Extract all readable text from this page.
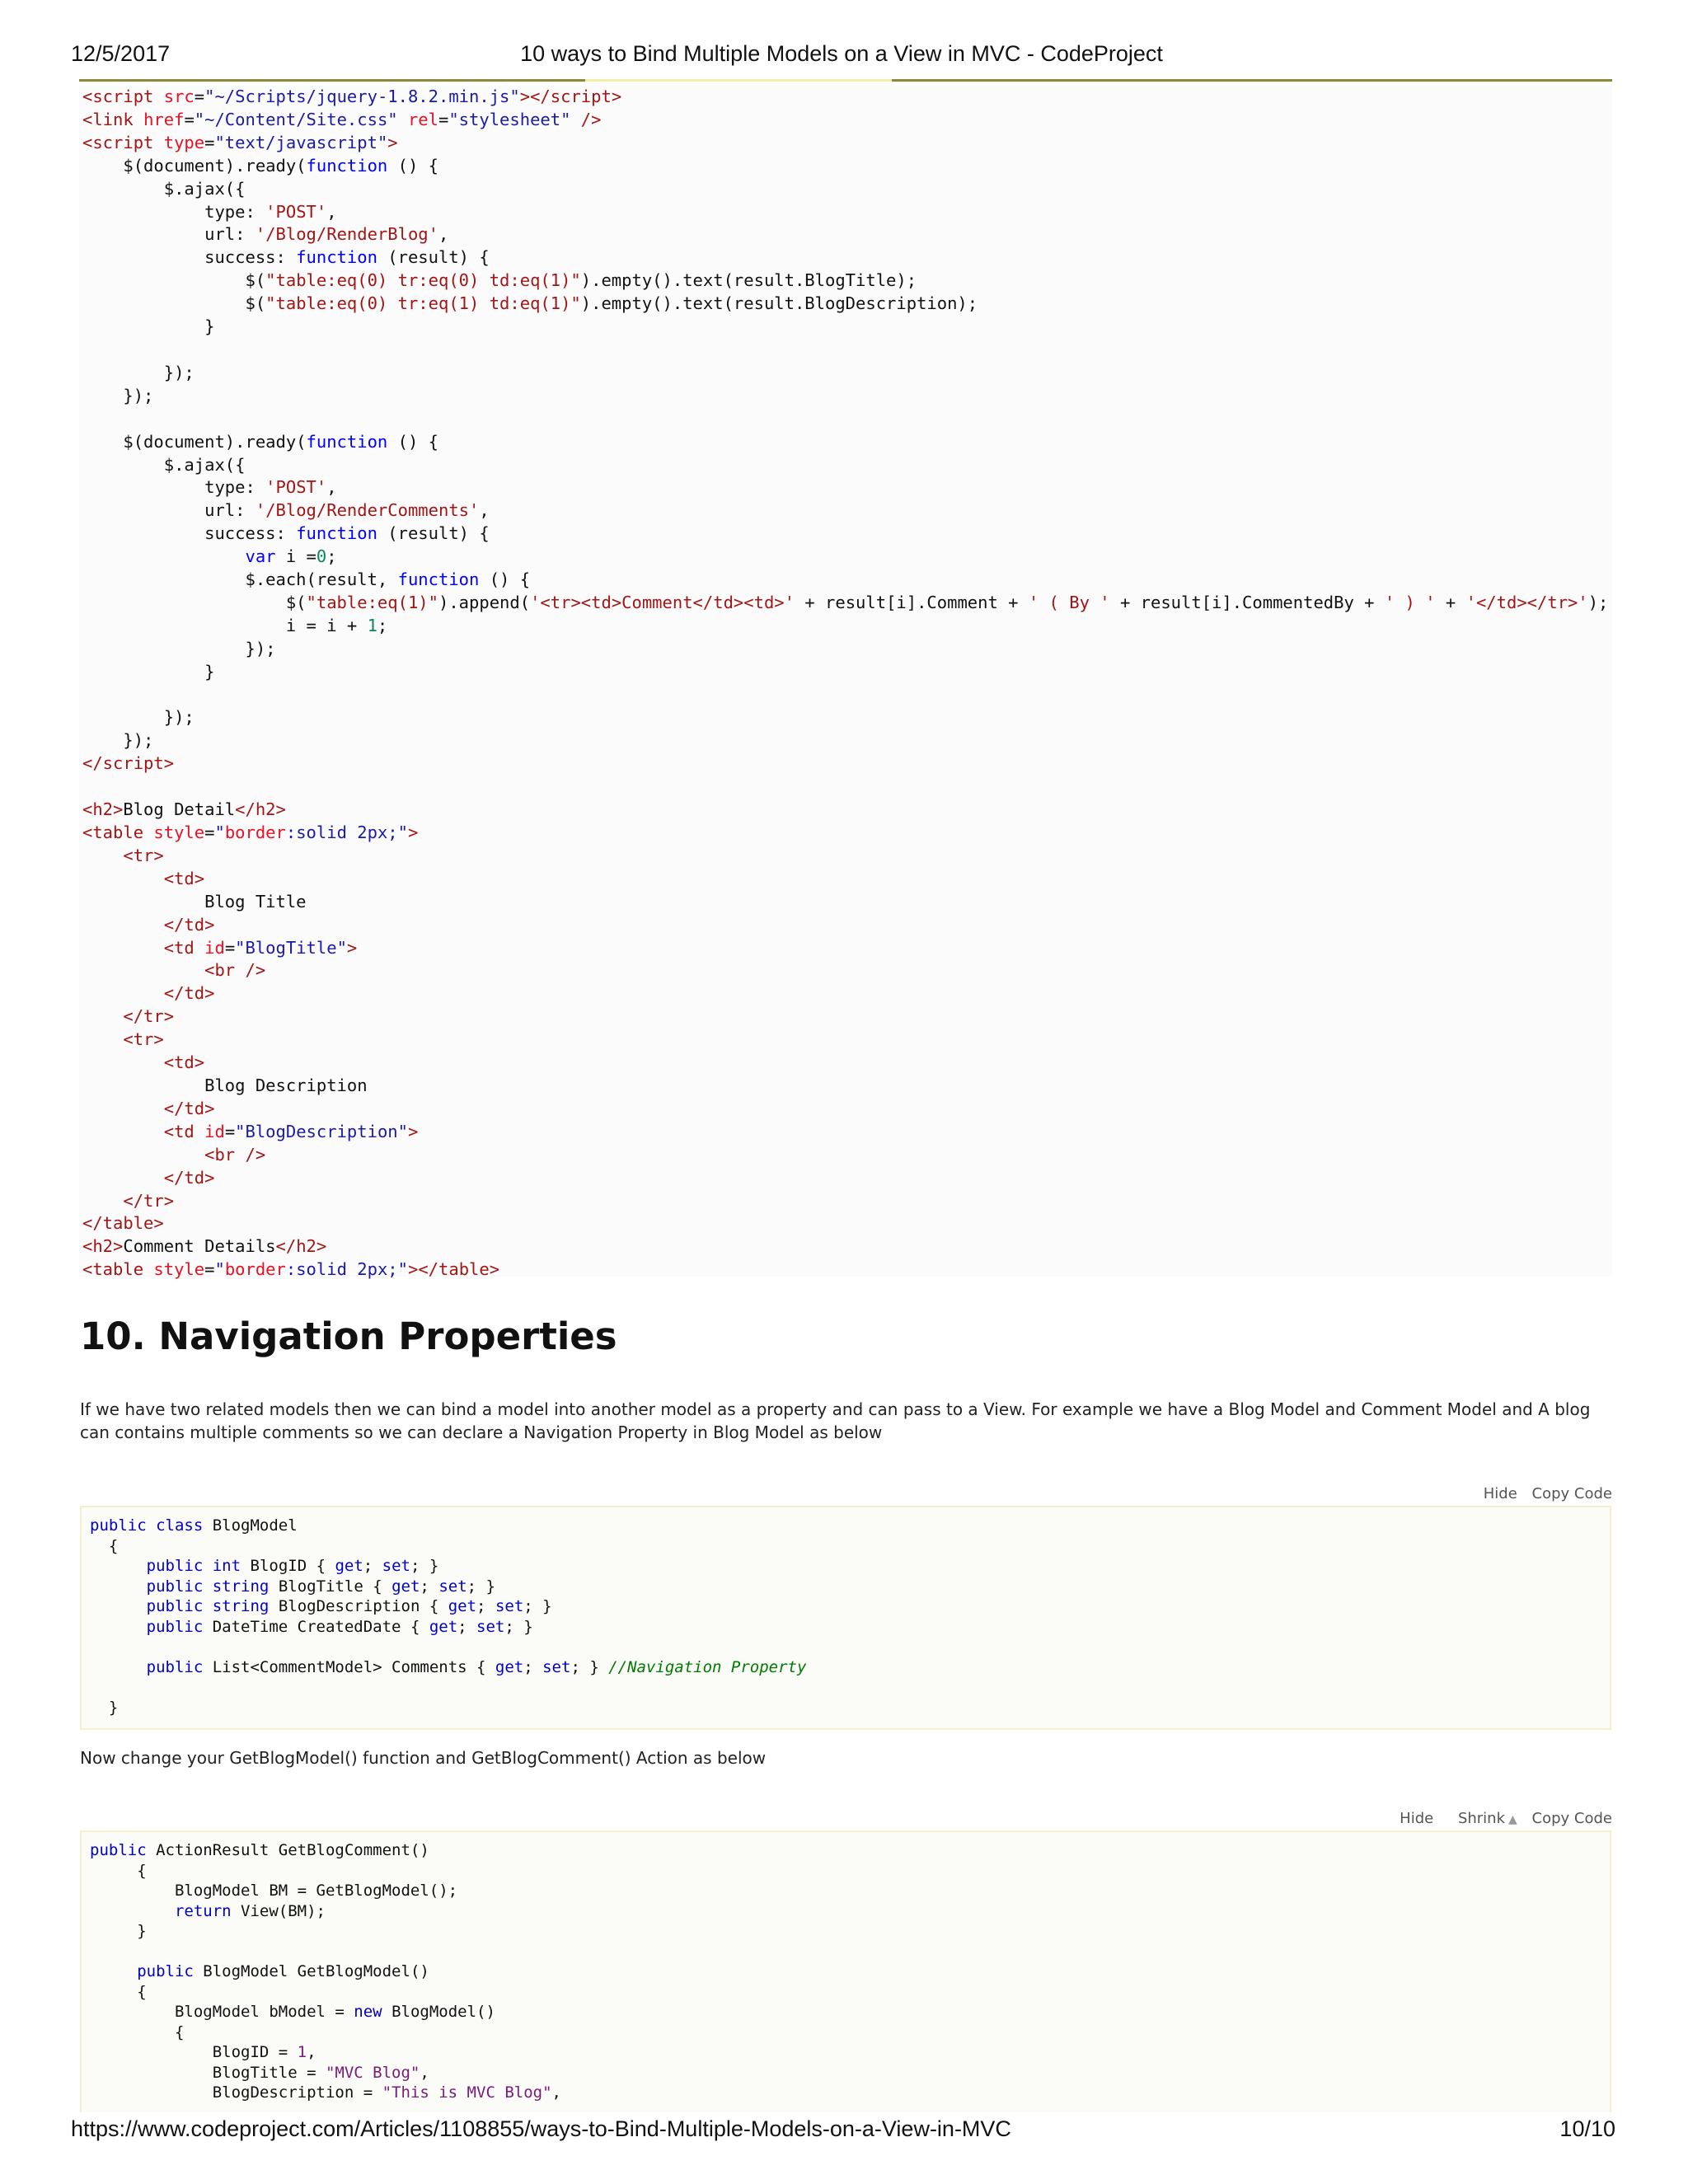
12/5/2017	10 ways to Bind Multiple Models on a View in MVC - CodeProject
<script src="~/Scripts/jquery-1.8.2.min.js"></script>
<link href="~/Content/Site.css" rel="stylesheet" />
<script type="text/javascript">
$(document).ready(function () {
$.ajax({
type: 'POST',
url: '/Blog/RenderBlog',
success: function (result) {
$("table:eq(0) tr:eq(0) td:eq(1)").empty().text(result.BlogTitle);
$("table:eq(0) tr:eq(1) td:eq(1)").empty().text(result.BlogDescription);
}

});
});

$(document).ready(function () {
$.ajax({
type: 'POST',
url: '/Blog/RenderComments',
success: function (result) {
var i =0;
$.each(result, function () {
$("table:eq(1)").append('<tr><td>Comment</td><td>' + result[i].Comment + ' ( By ' + result[i].CommentedBy + ' ) ' + '</td></tr>');
i = i + 1;
});
}

});
});
</script>

<h2>Blog Detail</h2>
<table style="border:solid 2px;">
<tr>
<td>
Blog Title
</td>
<td id="BlogTitle">
<br />
</td>
</tr>
<tr>
<td>
Blog Description
</td>
<td id="BlogDescription">
<br />
</td>
</tr>
</table>
<h2>Comment Details</h2>
<table style="border:solid 2px;"></table>
10. Navigation Properties

If we have two related models then we can bind a model into another model as a property and can pass to a View. For example we have a Blog Model and Comment Model and A blog can contains multiple comments so we can declare a Navigation Property in Blog Model as below

Hide Copy Code
public class BlogModel
{
public int BlogID { get; set; }
public string BlogTitle { get; set; }
public string BlogDescription { get; set; }
public DateTime CreatedDate { get; set; }

public List<CommentModel> Comments { get; set; } //Navigation Property

}

Now change your GetBlogModel() function and GetBlogComment() Action as below

Hide Shrink ▲ Copy Code
public ActionResult GetBlogComment()
{
BlogModel BM = GetBlogModel();
return View(BM);
}

public BlogModel GetBlogModel()
{
BlogModel bModel = new BlogModel()
{
BlogID = 1,
BlogTitle = "MVC Blog",
BlogDescription = "This is MVC Blog",
https://www.codeproject.com/Articles/1108855/ways-to-Bind-Multiple-Models-on-a-View-in-MVC	10/10
